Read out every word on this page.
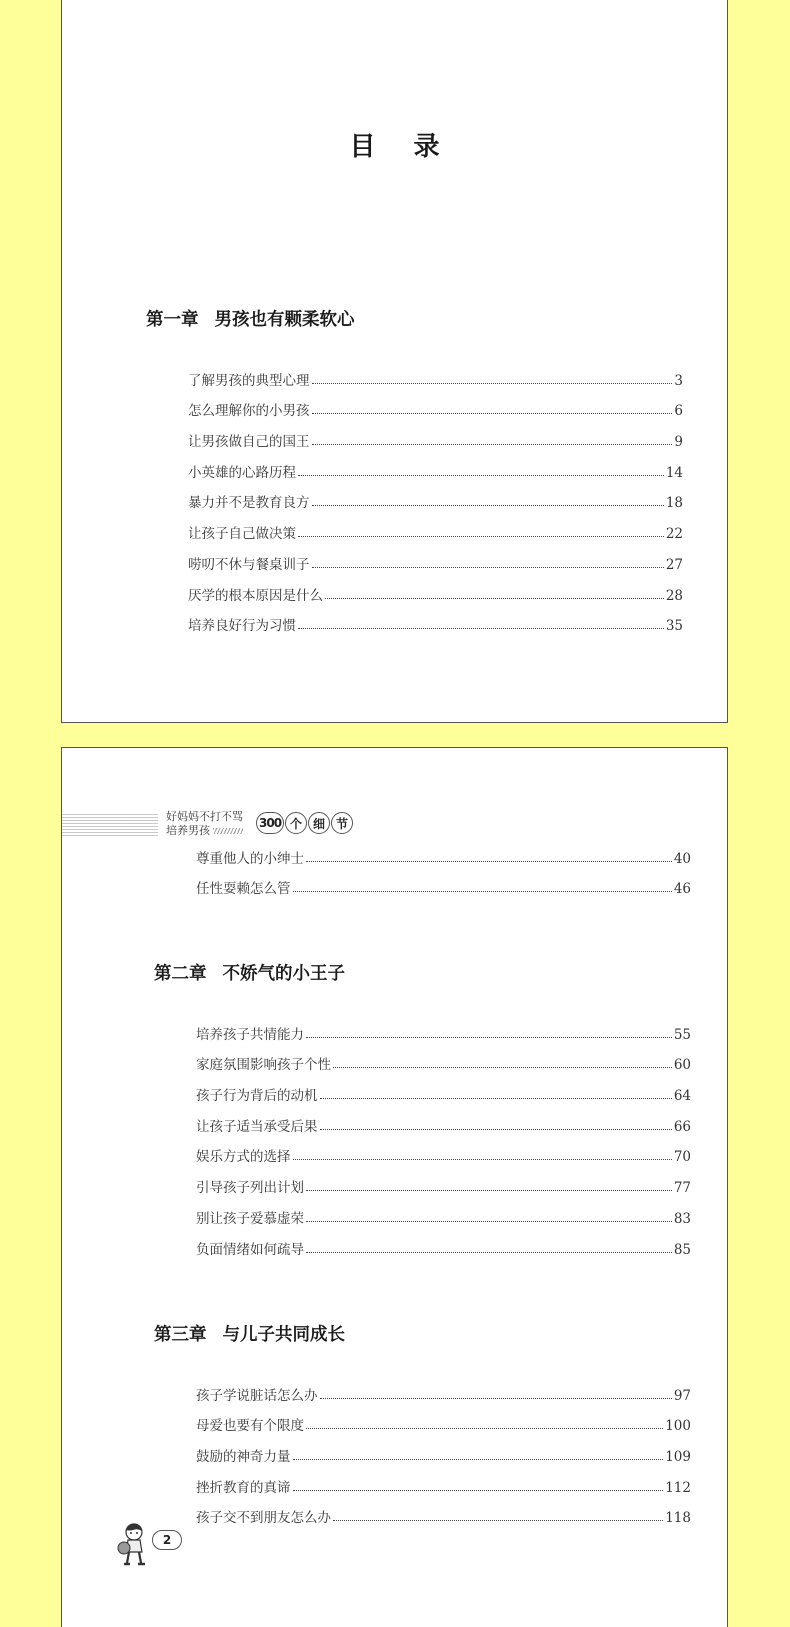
目录
第一章 男孩也有颗柔软心
了解男孩的典型心理	3
怎么理解你的小男孩	6
让男孩做自己的国王	9
小英雄的心路历程	14
暴力并不是教育良方	18
让孩子自己做决策	22
唠叨不休与餐桌训子	27
厌学的根本原因是什么	28
培养良好行为习惯	35
好妈妈不打不骂
培养男孩
300 个 细 节
尊重他人的小绅士	40
任性耍赖怎么管	46
第二章 不娇气的小王子
培养孩子共情能力	55
家庭氛围影响孩子个性	60
孩子行为背后的动机	64
让孩子适当承受后果	66
娱乐方式的选择	70
引导孩子列出计划	77
别让孩子爱慕虚荣	83
负面情绪如何疏导	85
第三章 与儿子共同成长
孩子学说脏话怎么办	97
母爱也要有个限度	100
鼓励的神奇力量	109
挫折教育的真谛	112
孩子交不到朋友怎么办	118
2
